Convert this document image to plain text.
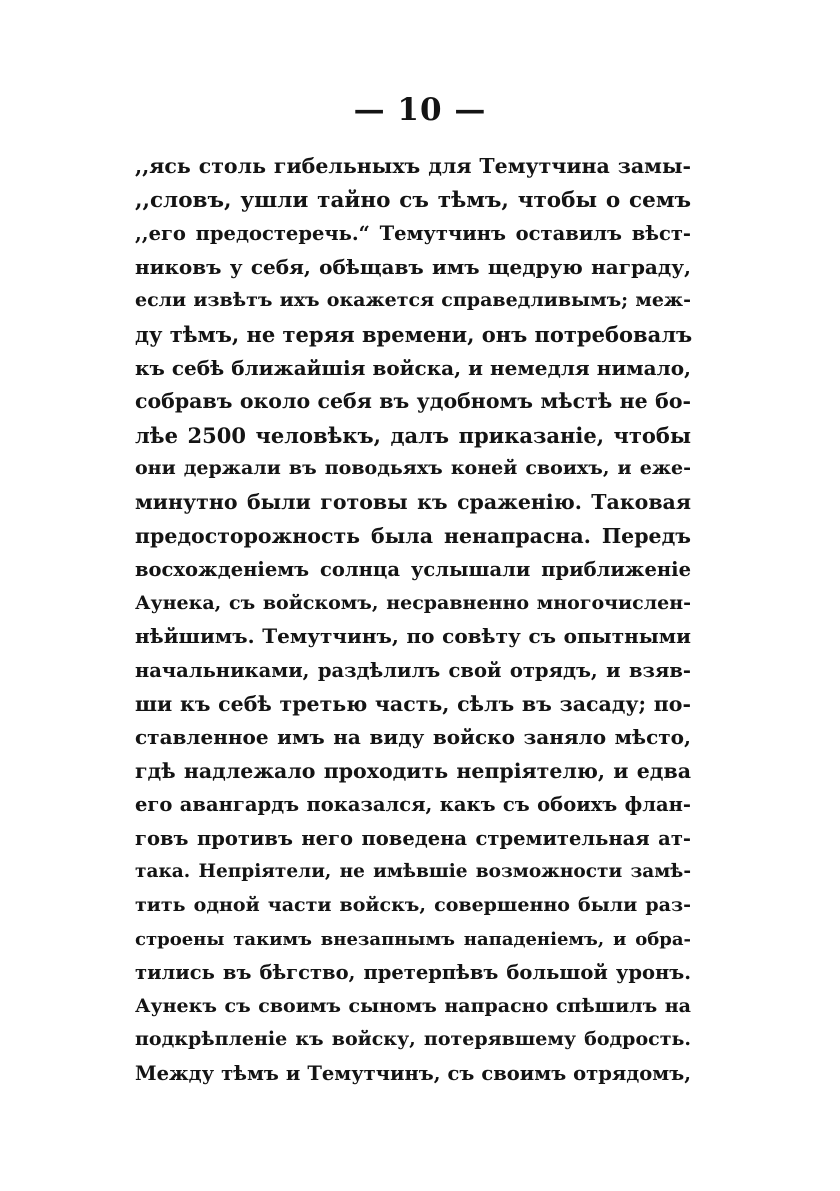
— 10 —
,,ясь столь гибельныхъ для Темутчина замы-
,,словъ, ушли тайно съ тѣмъ, чтобы о семъ
,,его предостеречь.“ Темутчинъ оставилъ вѣст-
никовъ у себя, обѣщавъ имъ щедрую награду,
если извѣтъ ихъ окажется справедливымъ; меж-
ду тѣмъ, не теряя времени, онъ потребовалъ
къ себѣ ближайшія войска, и немедля нимало,
собравъ около себя въ удобномъ мѣстѣ не бо-
лѣе 2500 человѣкъ, далъ приказаніе, чтобы
они держали въ поводьяхъ коней своихъ, и еже-
минутно были готовы къ сраженію. Таковая
предосторожность была ненапрасна. Передъ
восхожденіемъ солнца услышали приближеніе
Аунека, съ войскомъ, несравненно многочислен-
нѣйшимъ. Темутчинъ, по совѣту съ опытными
начальниками, раздѣлилъ свой отрядъ, и взяв-
ши къ себѣ третью часть, сѣлъ въ засаду; по-
ставленное имъ на виду войско заняло мѣсто,
гдѣ надлежало проходить непріятелю, и едва
его авангардъ показался, какъ съ обоихъ флан-
говъ противъ него поведена стремительная ат-
така. Непріятели, не имѣвшіе возможности замѣ-
тить одной части войскъ, совершенно были раз-
строены такимъ внезапнымъ нападеніемъ, и обра-
тились въ бѣгство, претерпѣвъ большой уронъ.
Аунекъ съ своимъ сыномъ напрасно спѣшилъ на
подкрѣпленіе къ войску, потерявшему бодрость.
Между тѣмъ и Темутчинъ, съ своимъ отрядомъ,
